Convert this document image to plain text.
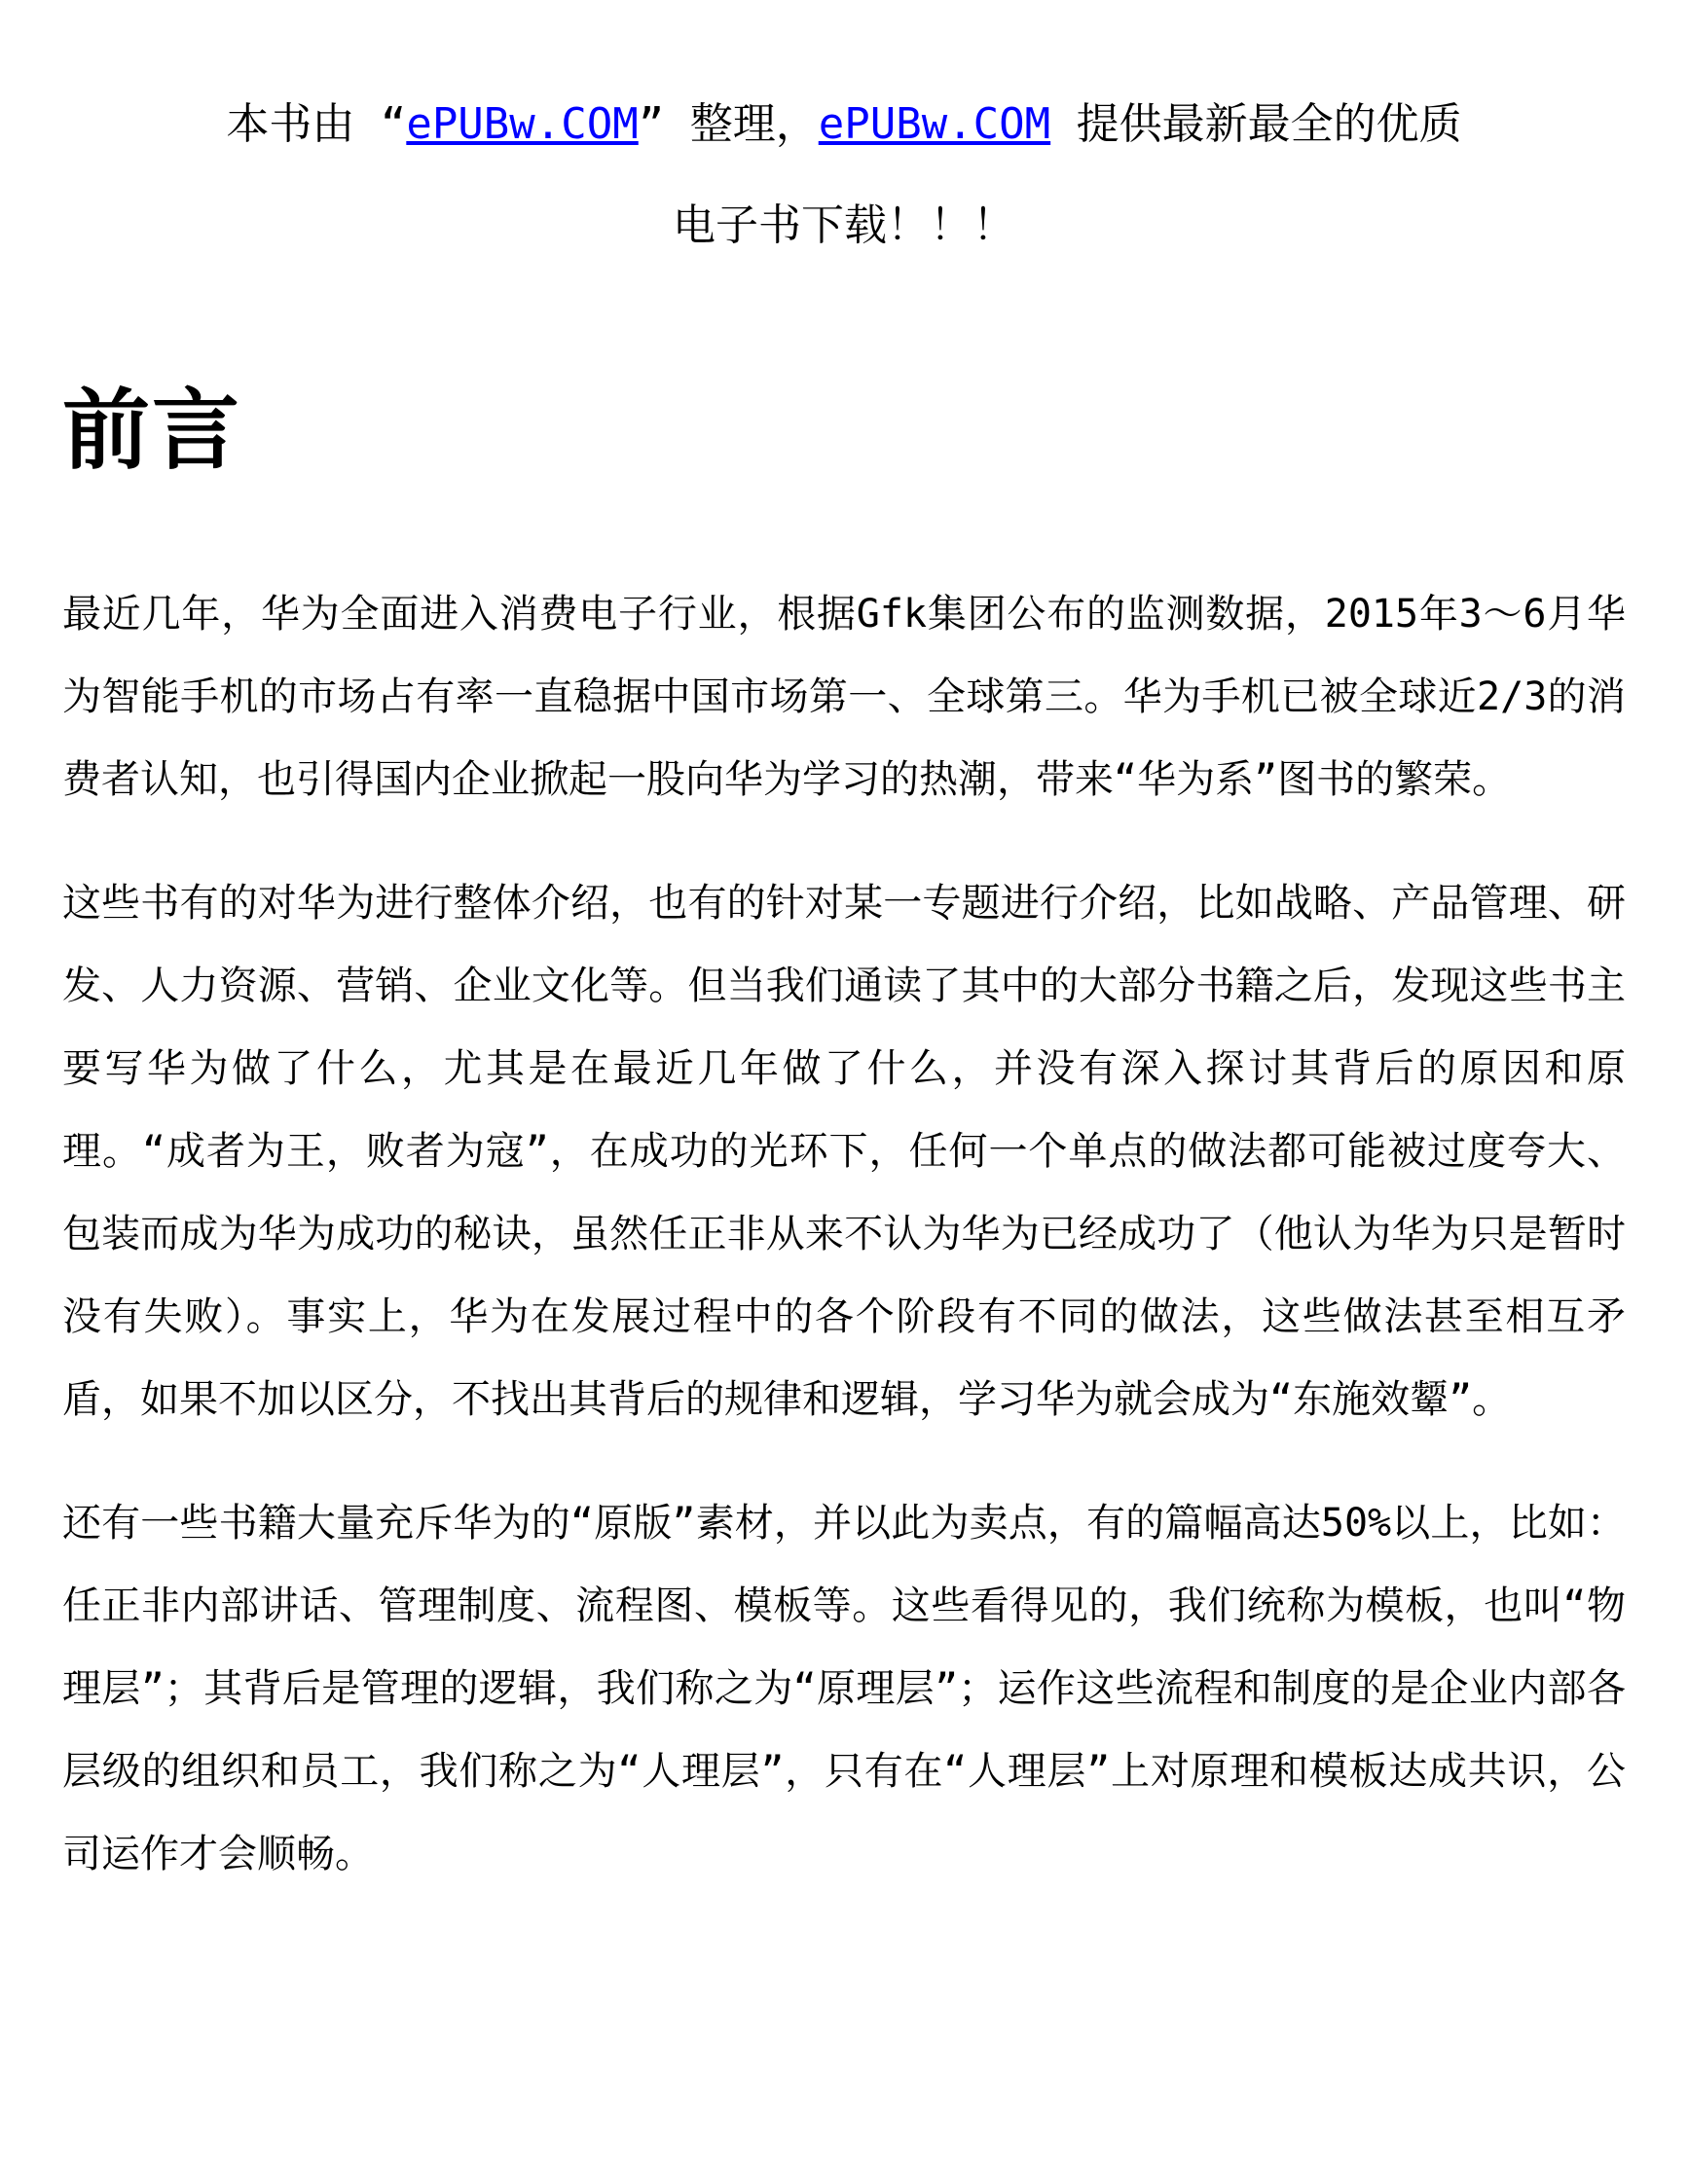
本书由 “ePUBw.COM” 整理，ePUBw.COM 提供最新最全的优质

电子书下载！！！

前言

最近几年，华为全面进入消费电子行业，根据Gfk集团公布的监测数据，2015年3～6月华为智能手机的市场占有率一直稳据中国市场第一、全球第三。华为手机已被全球近2/3的消费者认知，也引得国内企业掀起一股向华为学习的热潮，带来“华为系”图书的繁荣。

这些书有的对华为进行整体介绍，也有的针对某一专题进行介绍，比如战略、产品管理、研发、人力资源、营销、企业文化等。但当我们通读了其中的大部分书籍之后，发现这些书主要写华为做了什么，尤其是在最近几年做了什么，并没有深入探讨其背后的原因和原理。“成者为王，败者为寇”，在成功的光环下，任何一个单点的做法都可能被过度夸大、包装而成为华为成功的秘诀，虽然任正非从来不认为华为已经成功了（他认为华为只是暂时没有失败）。事实上，华为在发展过程中的各个阶段有不同的做法，这些做法甚至相互矛盾，如果不加以区分，不找出其背后的规律和逻辑，学习华为就会成为“东施效颦”。

还有一些书籍大量充斥华为的“原版”素材，并以此为卖点，有的篇幅高达50%以上，比如：任正非内部讲话、管理制度、流程图、模板等。这些看得见的，我们统称为模板，也叫“物理层”；其背后是管理的逻辑，我们称之为“原理层”；运作这些流程和制度的是企业内部各层级的组织和员工，我们称之为“人理层”，只有在“人理层”上对原理和模板达成共识，公司运作才会顺畅。
